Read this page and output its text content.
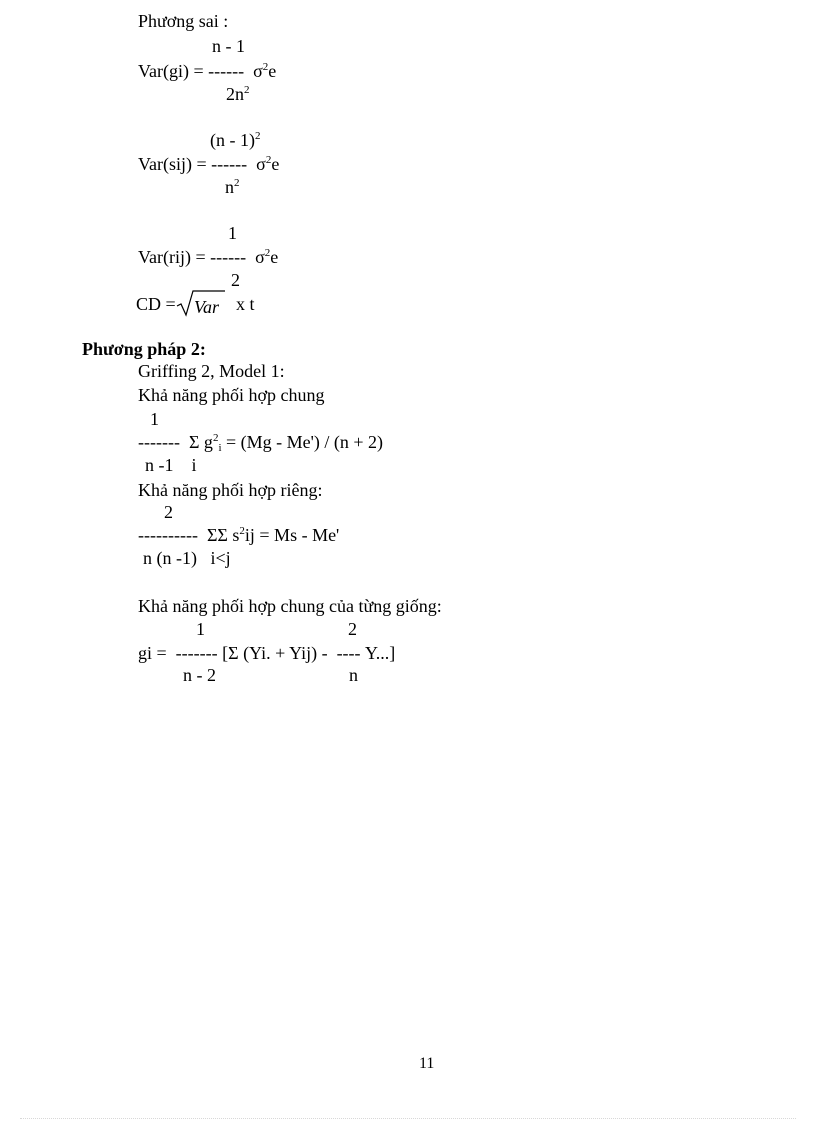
Phương sai :
n - 1
Var(gi) = ------ $\sigma^2e$
$2n^2$
(n - 1)$^2$
Var(sij) = ------ $\sigma^2e$
$n^2$
1
Var(rij) = ------ $\sigma^2e$
2
CD = Var x t
Phương pháp 2:
Griffing 2, Model 1:
Khả năng phối hợp chung
1
-------  Σ $g^2i = (Mg - Me') / (n + 2)$
n -1    i
Khả năng phối hợp riêng:
2
----------  ΣΣ $s^2ij = Ms - Me'$
n (n -1)   i<j
Khả năng phối hợp chung của từng giống:
1	2
gi =  ------- [Σ (Yi. + Yij) -  ---- Y...]
n - 2	n
11
